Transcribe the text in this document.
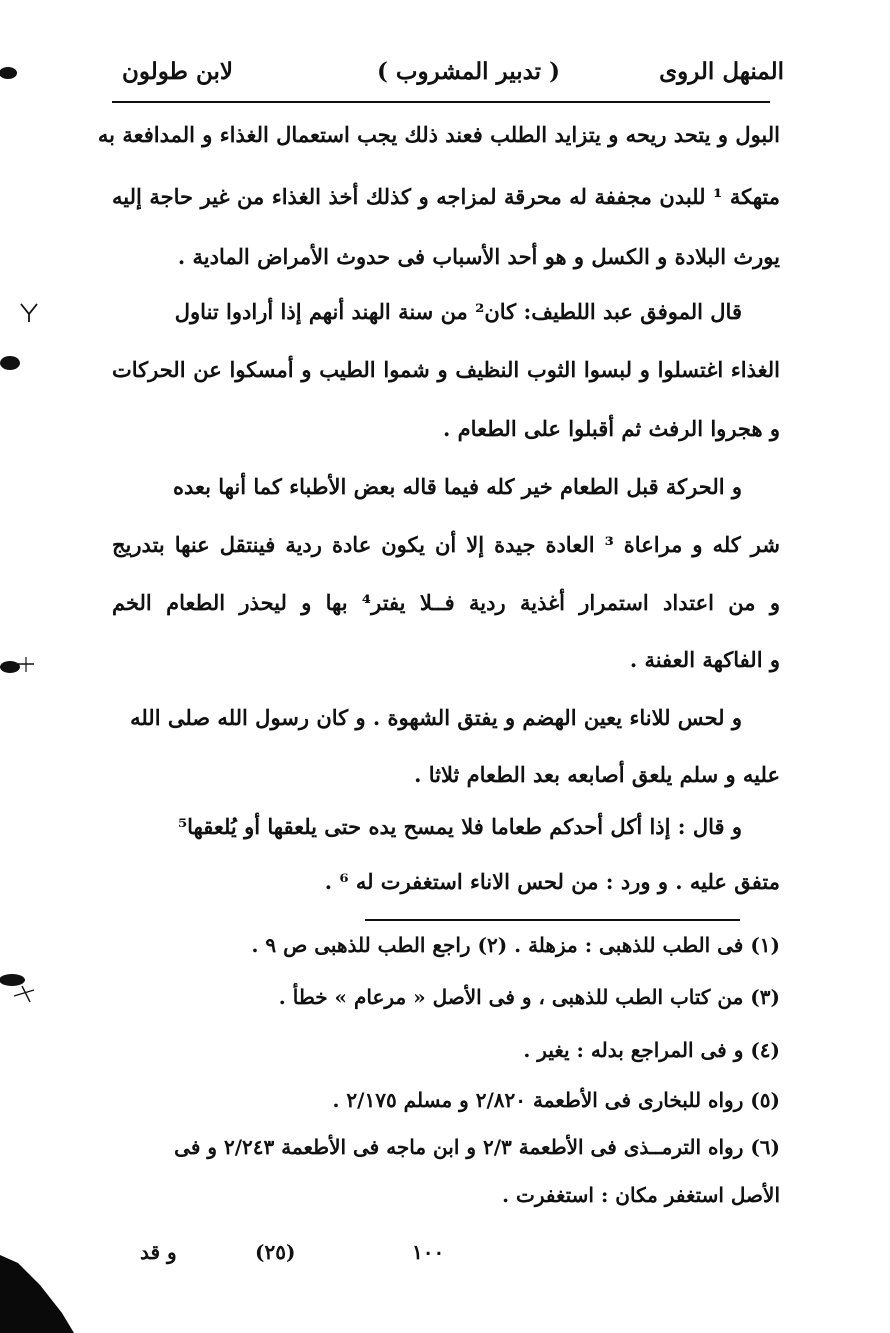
لابن طولون	( تدبير المشروب )	المنهل الروى
البول و يتحد ريحه و يتزايد الطلب فعند ذلك يجب استعمال الغذاء و المدافعة به
متهكة ¹ للبدن مجففة له محرقة لمزاجه و كذلك أخذ الغذاء من غير حاجة إليه
يورث البلادة و الكسل و هو أحد الأسباب فى حدوث الأمراض المادية .
قال الموفق عبد اللطيف: كان² من سنة الهند أنهم إذا أرادوا تناول
الغذاء اغتسلوا و لبسوا الثوب النظيف و شموا الطيب و أمسكوا عن الحركات
و هجروا الرفث ثم أقبلوا على الطعام .
و الحركة قبل الطعام خير كله فيما قاله بعض الأطباء كما أنها بعده
شر كله و مراعاة ³ العادة جيدة إلا أن يكون عادة ردية فينتقل عنها بتدريج
و من اعتداد استمرار أغذية ردية فــلا يفتر⁴ بها و ليحذر الطعام الخم
و الفاكهة العفنة .
و لحس للاناء يعين الهضم و يفتق الشهوة . و كان رسول الله صلى الله
عليه و سلم يلعق أصابعه بعد الطعام ثلاثا .
و قال : إذا أكل أحدكم طعاما فلا يمسح يده حتى يلعقها أو يُلعقها⁵
متفق عليه . و ورد : من لحس الاناء استغفرت له ⁶ .
(١) فى الطب للذهبى : مزهلة . (٢) راجع الطب للذهبى ص ٩ .
(٣) من كتاب الطب للذهبى ، و فى الأصل « مرعام » خطأ .
(٤) و فى المراجع بدله : يغير .
(٥) رواه للبخارى فى الأطعمة ٢/٨٢٠ و مسلم ٢/١٧٥ .
(٦) رواه الترمــذى فى الأطعمة ٢/٣ و ابن ماجه فى الأطعمة ٢/٢٤٣ و فى
الأصل استغفر مكان : استغفرت .
و قد	(٢٥)	١٠٠
